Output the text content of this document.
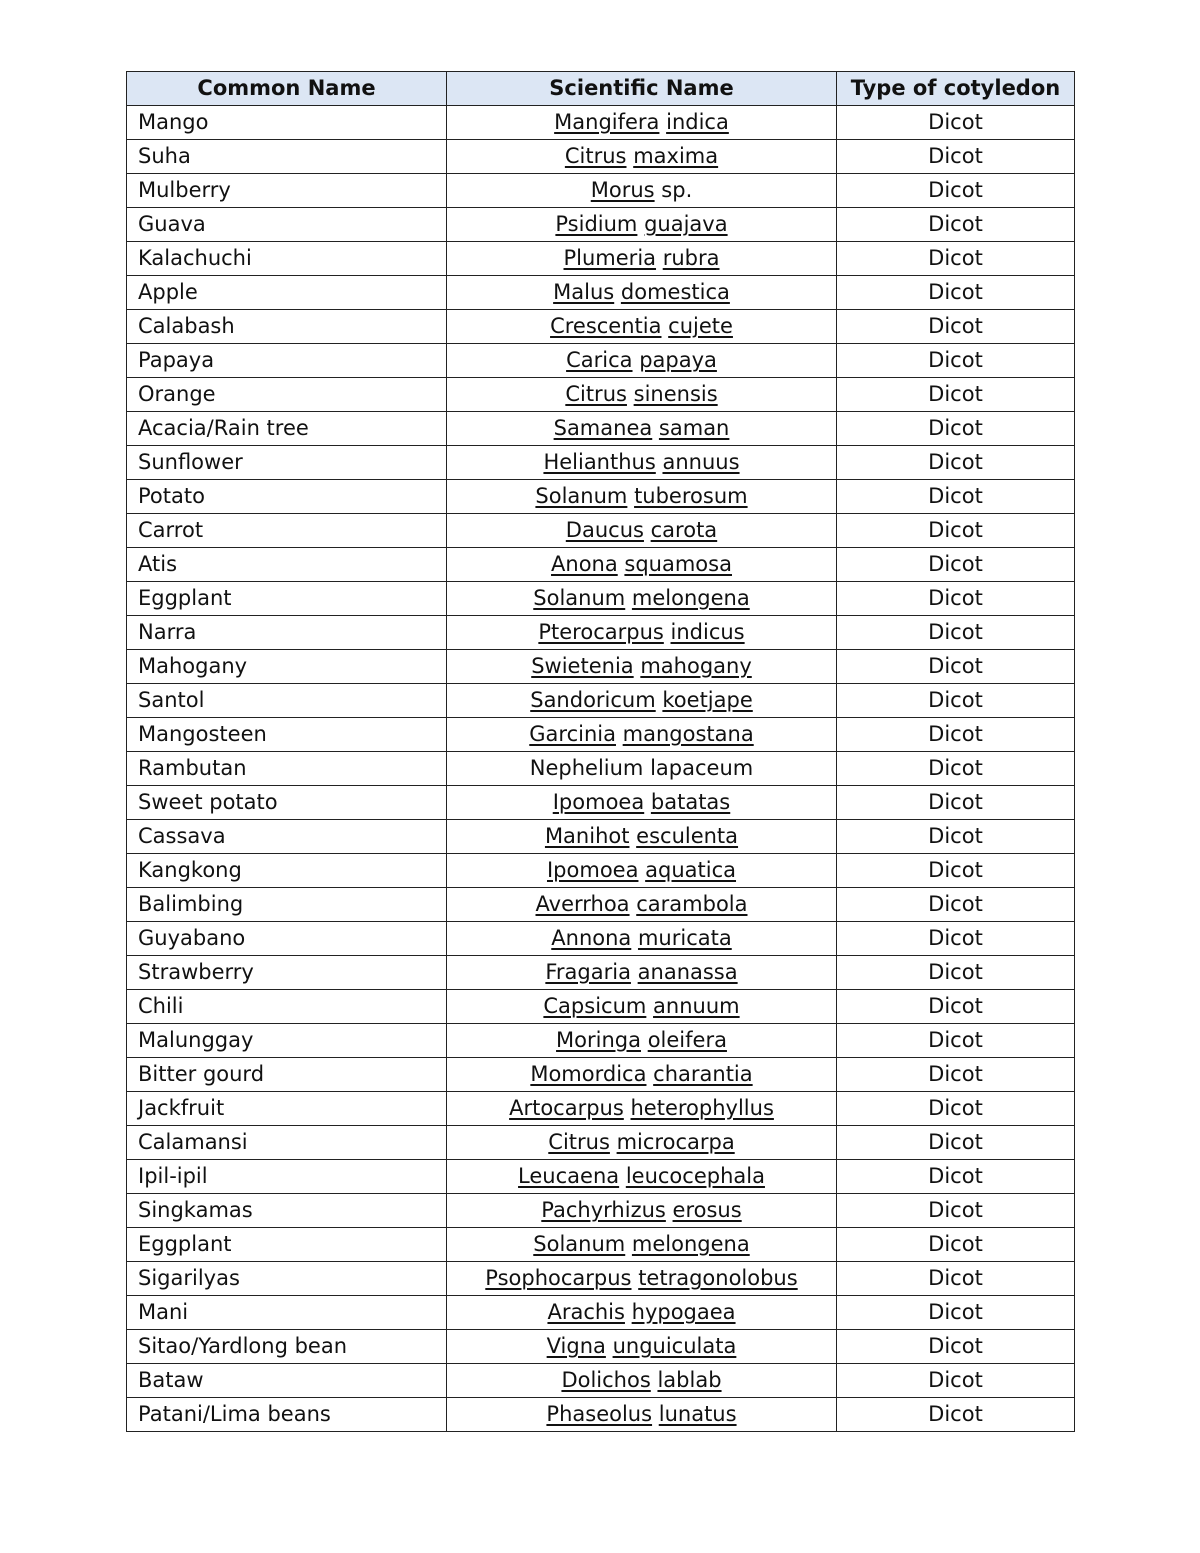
Common Name	Scientific Name	Type of cotyledon
Mango	Mangifera indica	Dicot
Suha	Citrus maxima	Dicot
Mulberry	Morus sp.	Dicot
Guava	Psidium guajava	Dicot
Kalachuchi	Plumeria rubra	Dicot
Apple	Malus domestica	Dicot
Calabash	Crescentia cujete	Dicot
Papaya	Carica papaya	Dicot
Orange	Citrus sinensis	Dicot
Acacia/Rain tree	Samanea saman	Dicot
Sunflower	Helianthus annuus	Dicot
Potato	Solanum tuberosum	Dicot
Carrot	Daucus carota	Dicot
Atis	Anona squamosa	Dicot
Eggplant	Solanum melongena	Dicot
Narra	Pterocarpus indicus	Dicot
Mahogany	Swietenia mahogany	Dicot
Santol	Sandoricum koetjape	Dicot
Mangosteen	Garcinia mangostana	Dicot
Rambutan	Nephelium lapaceum	Dicot
Sweet potato	Ipomoea batatas	Dicot
Cassava	Manihot esculenta	Dicot
Kangkong	Ipomoea aquatica	Dicot
Balimbing	Averrhoa carambola	Dicot
Guyabano	Annona muricata	Dicot
Strawberry	Fragaria ananassa	Dicot
Chili	Capsicum annuum	Dicot
Malunggay	Moringa oleifera	Dicot
Bitter gourd	Momordica charantia	Dicot
Jackfruit	Artocarpus heterophyllus	Dicot
Calamansi	Citrus microcarpa	Dicot
Ipil-ipil	Leucaena leucocephala	Dicot
Singkamas	Pachyrhizus erosus	Dicot
Eggplant	Solanum melongena	Dicot
Sigarilyas	Psophocarpus tetragonolobus	Dicot
Mani	Arachis hypogaea	Dicot
Sitao/Yardlong bean	Vigna unguiculata	Dicot
Bataw	Dolichos lablab	Dicot
Patani/Lima beans	Phaseolus lunatus	Dicot
